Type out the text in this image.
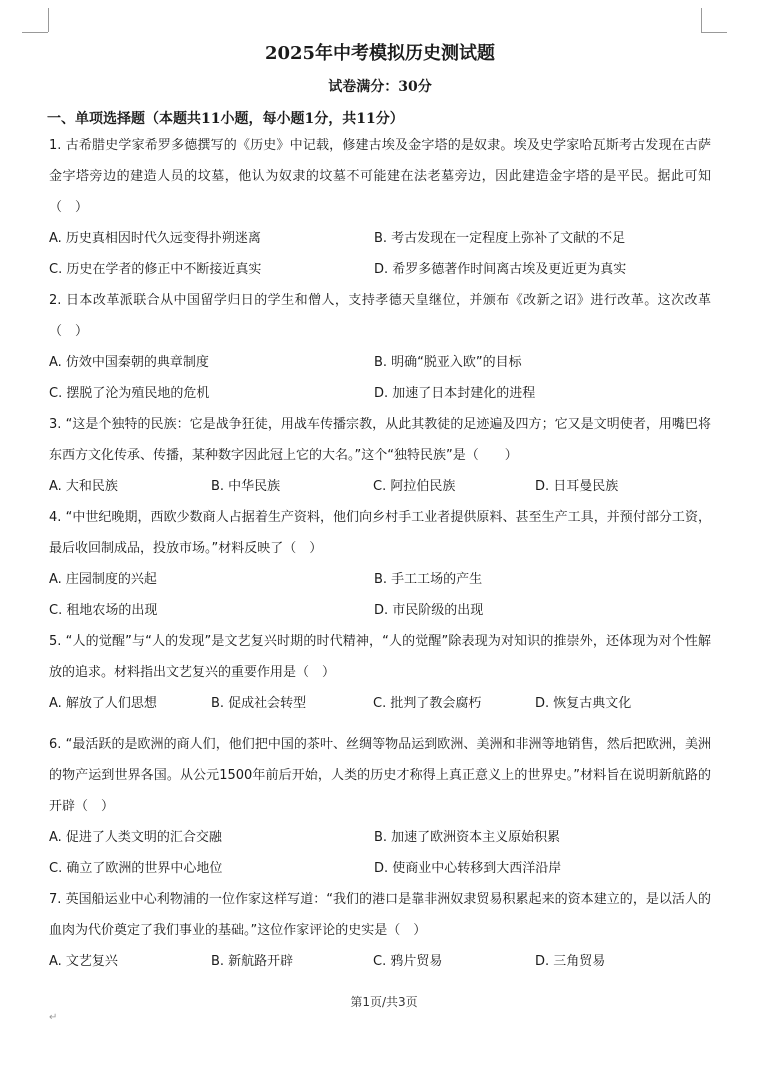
2025年中考模拟历史测试题
试卷满分：30分
一、单项选择题（本题共11小题，每小题1分，共11分）

1. 古希腊史学家希罗多德撰写的《历史》中记载，修建古埃及金字塔的是奴隶。埃及史学家哈瓦斯考古发现在古萨金字塔旁边的建造人员的坟墓，他认为奴隶的坟墓不可能建在法老墓旁边，因此建造金字塔的是平民。据此可知（　）

A. 历史真相因时代久远变得扑朔迷离	B. 考古发现在一定程度上弥补了文献的不足
C. 历史在学者的修正中不断接近真实	D. 希罗多德著作时间离古埃及更近更为真实

2. 日本改革派联合从中国留学归日的学生和僧人，支持孝德天皇继位，并颁布《改新之诏》进行改革。这次改革（　）

A. 仿效中国秦朝的典章制度	B. 明确“脱亚入欧”的目标
C. 摆脱了沦为殖民地的危机	D. 加速了日本封建化的进程

3. “这是个独特的民族：它是战争狂徒，用战车传播宗教，从此其教徒的足迹遍及四方；它又是文明使者，用嘴巴将东西方文化传承、传播，某种数字因此冠上它的大名。”这个“独特民族”是（　　）

A. 大和民族	B. 中华民族	C. 阿拉伯民族	D. 日耳曼民族

4. “中世纪晚期，西欧少数商人占据着生产资料，他们向乡村手工业者提供原料、甚至生产工具，并预付部分工资，最后收回制成品，投放市场。”材料反映了（　）

A. 庄园制度的兴起	B. 手工工场的产生
C. 租地农场的出现	D. 市民阶级的出现

5. “人的觉醒”与“人的发现”是文艺复兴时期的时代精神，“人的觉醒”除表现为对知识的推崇外，还体现为对个性解放的追求。材料指出文艺复兴的重要作用是（　）

A. 解放了人们思想	B. 促成社会转型	C. 批判了教会腐朽	D. 恢复古典文化

6. “最活跃的是欧洲的商人们，他们把中国的茶叶、丝绸等物品运到欧洲、美洲和非洲等地销售，然后把欧洲，美洲的物产运到世界各国。从公元1500年前后开始，人类的历史才称得上真正意义上的世界史。”材料旨在说明新航路的开辟（　）

A. 促进了人类文明的汇合交融	B. 加速了欧洲资本主义原始积累
C. 确立了欧洲的世界中心地位	D. 使商业中心转移到大西洋沿岸

7. 英国船运业中心利物浦的一位作家这样写道：“我们的港口是靠非洲奴隶贸易积累起来的资本建立的，是以活人的血肉为代价奠定了我们事业的基础。”这位作家评论的史实是（　）

A. 文艺复兴	B. 新航路开辟	C. 鸦片贸易	D. 三角贸易
第1页/共3页
↵
